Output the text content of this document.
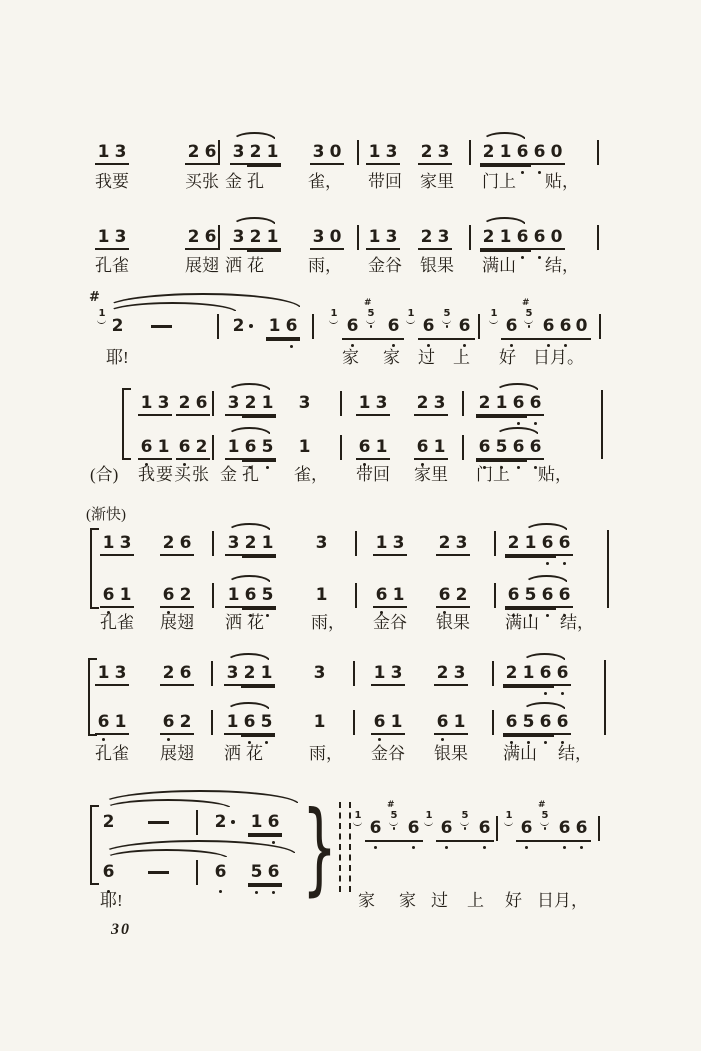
(渐快)
1 3	2 6 3 2 1 3 0 1 3 2 3 2 1 6 6 0
我要	买张 金孔 雀， 带回 家里 门上 贴，
1 3	2 6 3 2 1 3 0 1 3 2 3 2 1 6 6 0
孔雀	展翅 洒花 雨， 金谷 银果 满山 结，
#
1
2	2 1 6
1
6
#
5
6
1
6
5
6
1
6
#
5
6 6 0
耶!	家 家 过 上 好 日月。
1 3 2 6 3 2 1 3	1 3 2 3 2 1 6 6
6 1 6 2 1 6 5 1	6 1 6 1 6 5 6 6
(合) 我要买张 金孔 雀， 带回 家里 门上 贴，
1 3 2 6 3 2 1 3	1 3 2 3 2 1 6 6
6 1 6 2 1 6 5 1	6 1 6 2 6 5 6 6
孔雀 展翅 洒花 雨， 金谷 银果 满山 结，
1 3 2 6 3 2 1 3	1 3 2 3 2 1 6 6
6 1 6 2 1 6 5 1	6 1 6 1 6 5 6 6
孔雀 展翅 洒花 雨， 金谷 银果 满山 结，
}
2	2 1 6
6	6 5 6
1
6
#
5
6
1
6
5
6
1
6
#
5
6 6
耶!	家 家 过 上 好 日月，
30
